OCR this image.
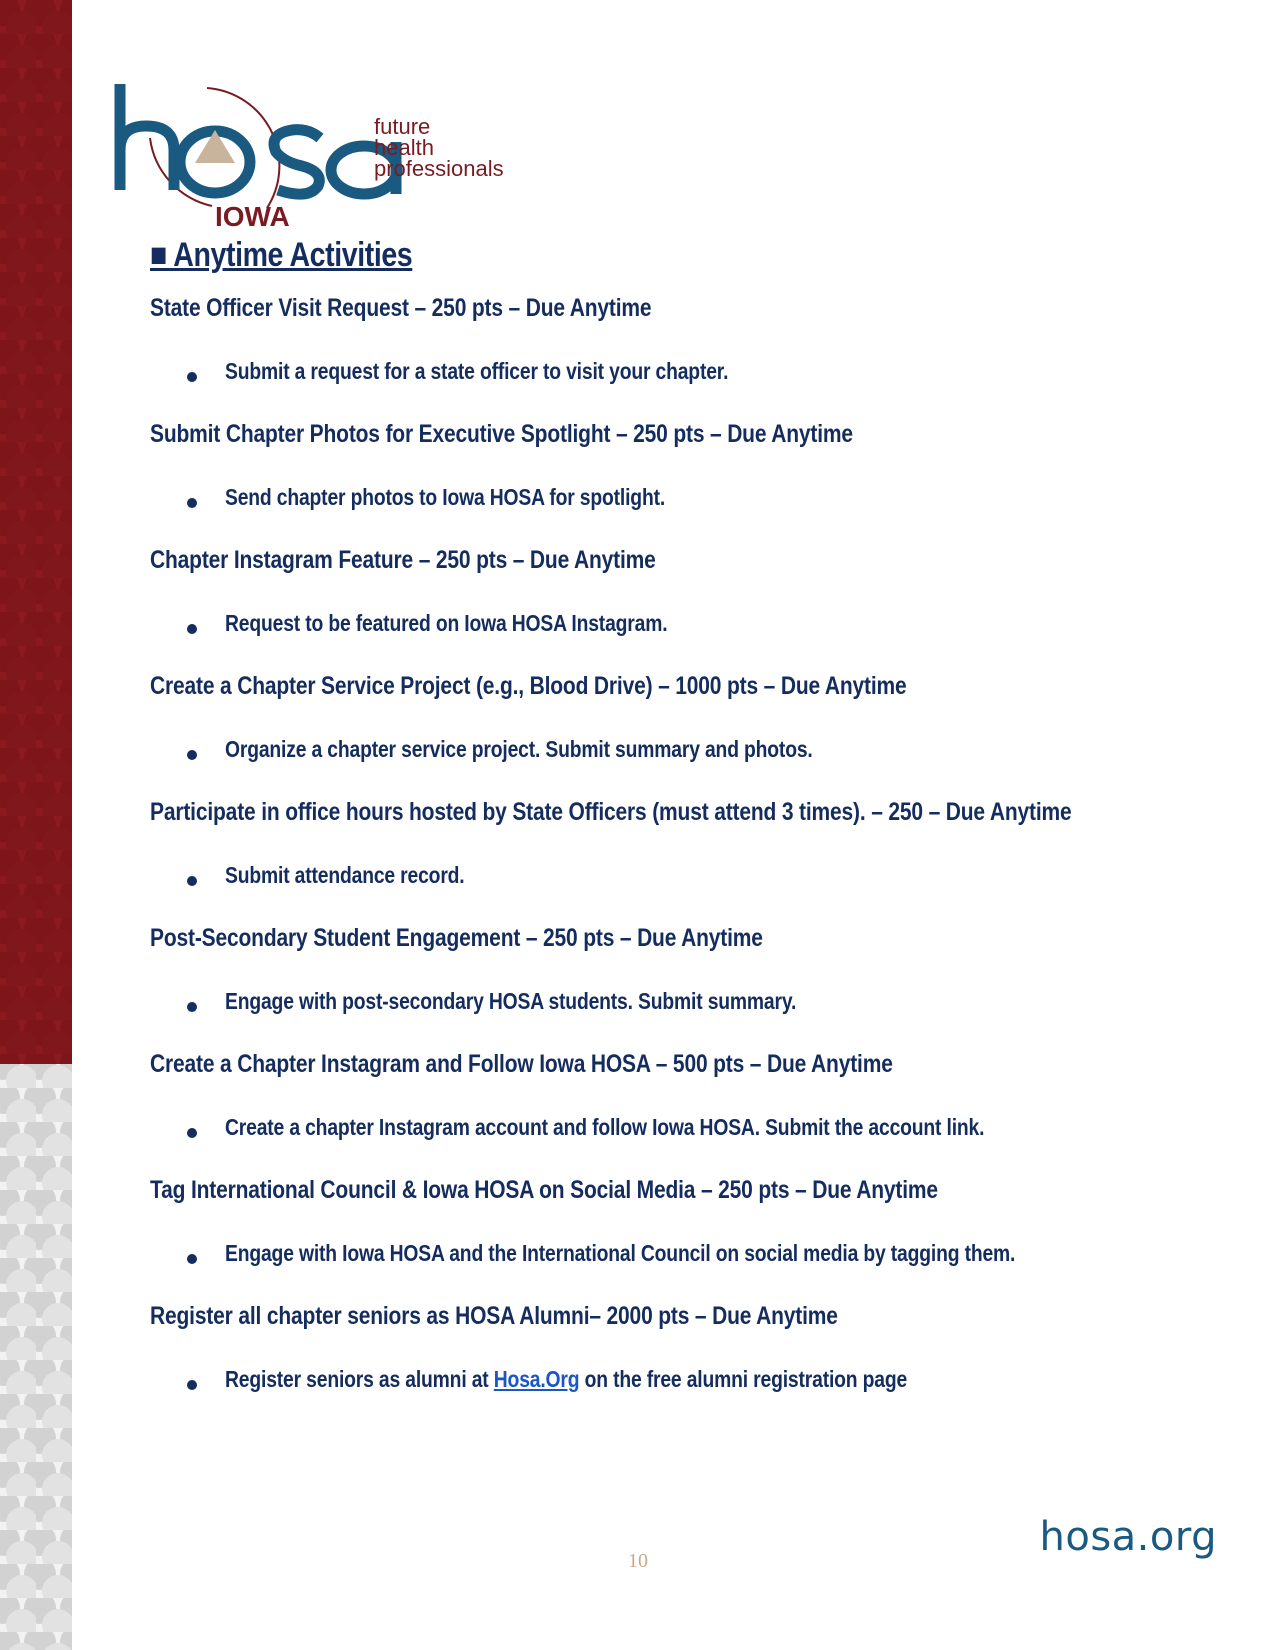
future
health
professionals
IOWA
■ Anytime Activities
State Officer Visit Request – 250 pts – Due Anytime
Submit a request for a state officer to visit your chapter.
Submit Chapter Photos for Executive Spotlight – 250 pts – Due Anytime
Send chapter photos to Iowa HOSA for spotlight.
Chapter Instagram Feature – 250 pts – Due Anytime
Request to be featured on Iowa HOSA Instagram.
Create a Chapter Service Project (e.g., Blood Drive) – 1000 pts – Due Anytime
Organize a chapter service project. Submit summary and photos.
Participate in office hours hosted by State Officers (must attend 3 times). – 250 – Due Anytime
Submit attendance record.
Post-Secondary Student Engagement – 250 pts – Due Anytime
Engage with post-secondary HOSA students. Submit summary.
Create a Chapter Instagram and Follow Iowa HOSA – 500 pts – Due Anytime
Create a chapter Instagram account and follow Iowa HOSA. Submit the account link.
Tag International Council & Iowa HOSA on Social Media – 250 pts – Due Anytime
Engage with Iowa HOSA and the International Council on social media by tagging them.
Register all chapter seniors as HOSA Alumni– 2000 pts – Due Anytime
Register seniors as alumni at Hosa.Org on the free alumni registration page
10
hosa.org
